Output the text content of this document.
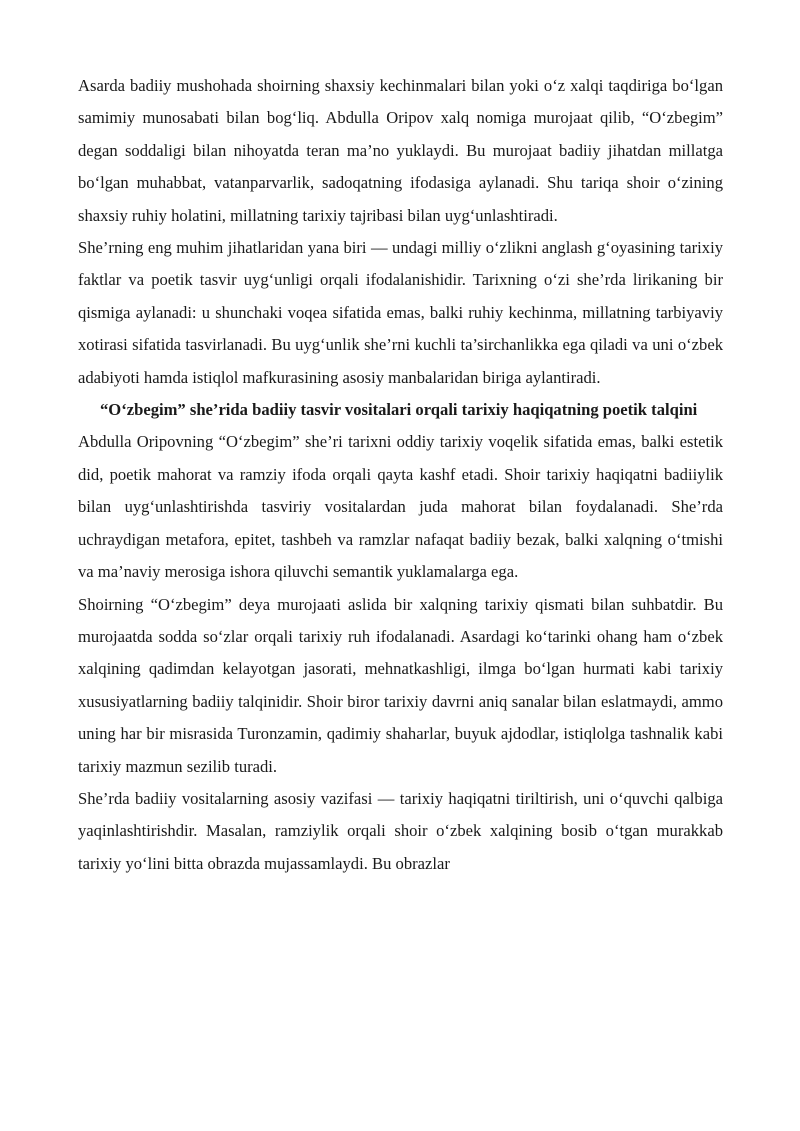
Asarda badiiy mushohada shoirning shaxsiy kechinmalari bilan yoki o‘z xalqi taqdiriga bo‘lgan samimiy munosabati bilan bog‘liq. Abdulla Oripov xalq nomiga murojaat qilib, “O‘zbegim” degan soddaligi bilan nihoyatda teran ma’no yuklaydi. Bu murojaat badiiy jihatdan millatga bo‘lgan muhabbat, vatanparvarlik, sadoqatning ifodasiga aylanadi. Shu tariqa shoir o‘zining shaxsiy ruhiy holatini, millatning tarixiy tajribasi bilan uyg‘unlashtiradi.

She’rning eng muhim jihatlaridan yana biri — undagi milliy o‘zlikni anglash g‘oyasining tarixiy faktlar va poetik tasvir uyg‘unligi orqali ifodalanishidir. Tarixning o‘zi she’rda lirikaning bir qismiga aylanadi: u shunchaki voqea sifatida emas, balki ruhiy kechinma, millatning tarbiyaviy xotirasi sifatida tasvirlanadi. Bu uyg‘unlik she’rni kuchli ta’sirchanlikka ega qiladi va uni o‘zbek adabiyoti hamda istiqlol mafkurasining asosiy manbalaridan biriga aylantiradi.

“O‘zbegim” she’rida badiiy tasvir vositalari orqali tarixiy haqiqatning poetik talqini

Abdulla Oripovning “O‘zbegim” she’ri tarixni oddiy tarixiy voqelik sifatida emas, balki estetik did, poetik mahorat va ramziy ifoda orqali qayta kashf etadi. Shoir tarixiy haqiqatni badiiylik bilan uyg‘unlashtirishda tasviriy vositalardan juda mahorat bilan foydalanadi. She’rda uchraydigan metafora, epitet, tashbeh va ramzlar nafaqat badiiy bezak, balki xalqning o‘tmishi va ma’naviy merosiga ishora qiluvchi semantik yuklamalarga ega.

Shoirning “O‘zbegim” deya murojaati aslida bir xalqning tarixiy qismati bilan suhbatdir. Bu murojaatda sodda so‘zlar orqali tarixiy ruh ifodalanadi. Asardagi ko‘tarinki ohang ham o‘zbek xalqining qadimdan kelayotgan jasorati, mehnatkashligi, ilmga bo‘lgan hurmati kabi tarixiy xususiyatlarning badiiy talqinidir. Shoir biror tarixiy davrni aniq sanalar bilan eslatmaydi, ammo uning har bir misrasida Turonzamin, qadimiy shaharlar, buyuk ajdodlar, istiqlolga tashnalik kabi tarixiy mazmun sezilib turadi.

She’rda badiiy vositalarning asosiy vazifasi — tarixiy haqiqatni tiriltirish, uni o‘quvchi qalbiga yaqinlashtirishdir. Masalan, ramziylik orqali shoir o‘zbek xalqining bosib o‘tgan murakkab tarixiy yo‘lini bitta obrazda mujassamlaydi. Bu obrazlar
